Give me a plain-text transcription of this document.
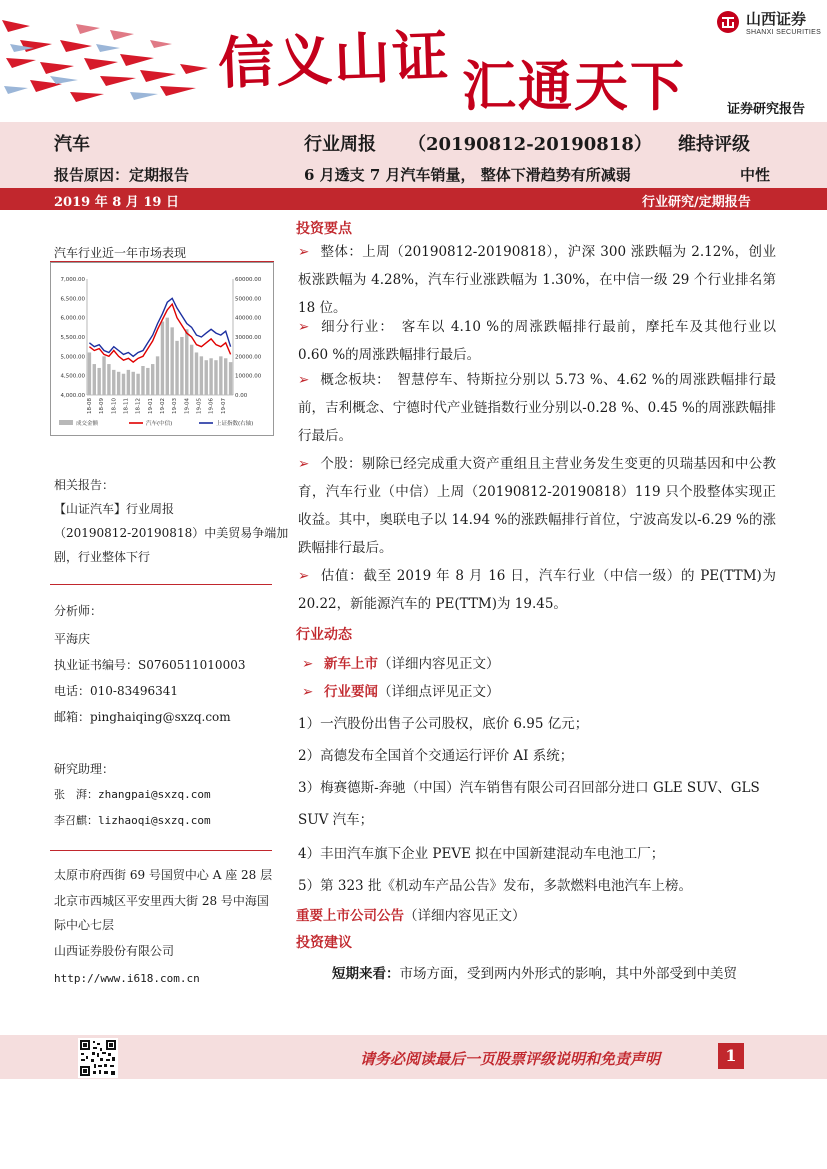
信义山证 汇通天下
山西证券
SHANXI SECURITIES
证券研究报告
汽车	行业周报 （20190812-20190818） 维持评级
报告原因：定期报告	6 月透支 7 月汽车销量， 整体下滑趋势有所减弱	中性
2019 年 8 月 19 日	行业研究/定期报告
汽车行业近一年市场表现
7,000.00
6,500.00
6,000.00
5,500.00
5,000.00
4,500.00
4,000.00
60000.00
50000.00
40000.00
30000.00
20000.00
10000.00
0.00
18-08 18-09 18-10 18-11 18-12 19-01 19-02 19-03 19-04 19-05 19-06 19-07
成交金额	汽车(中信)	上证指数(右轴)
相关报告：
【山证汽车】行业周报
（20190812-20190818）中美贸易争端加
剧，行业整体下行
分析师：
平海庆
执业证书编号：S0760511010003
电话：010-83496341
邮箱：pinghaiqing@sxzq.com
研究助理：
张　湃：zhangpai@sxzq.com
李召麒：lizhaoqi@sxzq.com
太原市府西街 69 号国贸中心 A 座 28 层
北京市西城区平安里西大街 28 号中海国
际中心七层
山西证券股份有限公司
http://www.i618.com.cn
投资要点
➢ 整体：上周（20190812-20190818），沪深 300 涨跌幅为 2.12%，创业板涨跌幅为 4.28%，汽车行业涨跌幅为 1.30%，在中信一级 29 个行业排名第 18 位。
➢ 细分行业：　客车以 4.10 %的周涨跌幅排行最前，摩托车及其他行业以 0.60 %的周涨跌幅排行最后。
➢ 概念板块：　智慧停车、特斯拉分别以 5.73 %、4.62 %的周涨跌幅排行最前，吉利概念、宁德时代产业链指数行业分别以-0.28 %、0.45 %的周涨跌幅排行最后。
➢ 个股：剔除已经完成重大资产重组且主营业务发生变更的贝瑞基因和中公教育，汽车行业（中信）上周（20190812-20190818）119 只个股整体实现正收益。其中，奥联电子以 14.94 %的涨跌幅排行首位，宁波高发以-6.29 %的涨跌幅排行最后。
➢ 估值：截至 2019 年 8 月 16 日，汽车行业（中信一级）的 PE(TTM)为 20.22，新能源汽车的 PE(TTM)为 19.45。
行业动态
➢ 新车上市（详细内容见正文）
➢ 行业要闻（详细点评见正文）
1）一汽股份出售子公司股权，底价 6.95 亿元；
2）高德发布全国首个交通运行评价 AI 系统；
3）梅赛德斯-奔驰（中国）汽车销售有限公司召回部分进口 GLE SUV、GLS
SUV 汽车；
4）丰田汽车旗下企业 PEVE 拟在中国新建混动车电池工厂；
5）第 323 批《机动车产品公告》发布，多款燃料电池汽车上榜。
重要上市公司公告（详细内容见正文）
投资建议
短期来看：市场方面，受到两内外形式的影响，其中外部受到中美贸
请务必阅读最后一页股票评级说明和免责声明	1
